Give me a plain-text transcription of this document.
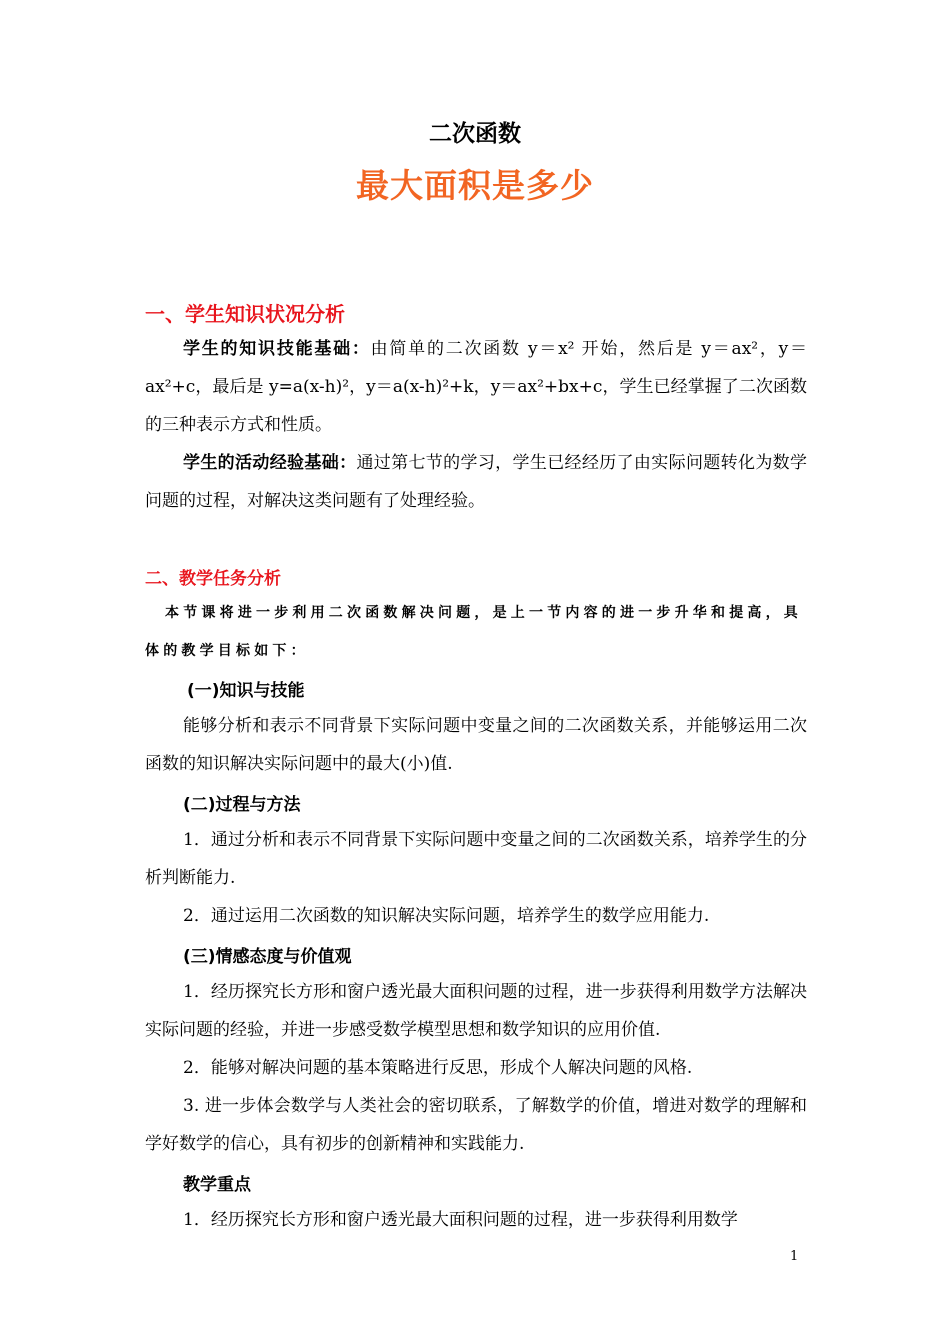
二次函数
最大面积是多少
一、学生知识状况分析

学生的知识技能基础：由简单的二次函数 y＝x² 开始，然后是 y＝ax²，y＝ax²+c，最后是 y=a(x-h)²，y＝a(x-h)²+k，y＝ax²+bx+c，学生已经掌握了二次函数的三种表示方式和性质。

学生的活动经验基础：通过第七节的学习，学生已经经历了由实际问题转化为数学问题的过程，对解决这类问题有了处理经验。

二、教学任务分析
本节课将进一步利用二次函数解决问题，是上一节内容的进一步升华和提高，具体的教学目标如下：
(一)知识与技能

能够分析和表示不同背景下实际问题中变量之间的二次函数关系，并能够运用二次函数的知识解决实际问题中的最大(小)值.

(二)过程与方法

1．通过分析和表示不同背景下实际问题中变量之间的二次函数关系，培养学生的分析判断能力.

2．通过运用二次函数的知识解决实际问题，培养学生的数学应用能力.

(三)情感态度与价值观

1．经历探究长方形和窗户透光最大面积问题的过程，进一步获得利用数学方法解决实际问题的经验，并进一步感受数学模型思想和数学知识的应用价值.

2．能够对解决问题的基本策略进行反思，形成个人解决问题的风格.

3. 进一步体会数学与人类社会的密切联系，了解数学的价值，增进对数学的理解和学好数学的信心，具有初步的创新精神和实践能力.

教学重点

1．经历探究长方形和窗户透光最大面积问题的过程，进一步获得利用数学

1
